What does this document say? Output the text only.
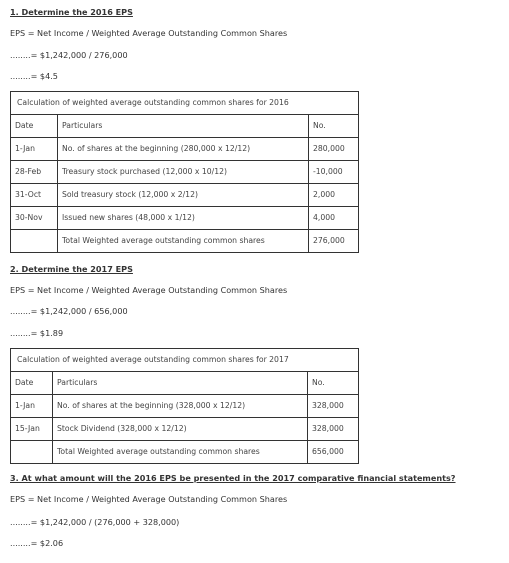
1. Determine the 2016 EPS
EPS = Net Income / Weighted Average Outstanding Common Shares
........= $1,242,000 / 276,000
........= $4.5
Calculation of weighted average outstanding common shares for 2016		
Date	Particulars	No.
1-Jan	No. of shares at the beginning (280,000 x 12/12)	280,000
28-Feb	Treasury stock purchased (12,000 x 10/12)	-10,000
31-Oct	Sold treasury stock (12,000 x 2/12)	2,000
30-Nov	Issued new shares (48,000 x 1/12)	4,000
	Total Weighted average outstanding common shares	276,000
2. Determine the 2017 EPS
EPS = Net Income / Weighted Average Outstanding Common Shares
........= $1,242,000 / 656,000
........= $1.89
Calculation of weighted average outstanding common shares for 2017		
Date	Particulars	No.
1-Jan	No. of shares at the beginning (328,000 x 12/12)	328,000
15-Jan	Stock Dividend (328,000 x 12/12)	328,000
	Total Weighted average outstanding common shares	656,000
3. At what amount will the 2016 EPS be presented in the 2017 comparative financial statements?
EPS = Net Income / Weighted Average Outstanding Common Shares
........= $1,242,000 / (276,000 + 328,000)
........= $2.06
